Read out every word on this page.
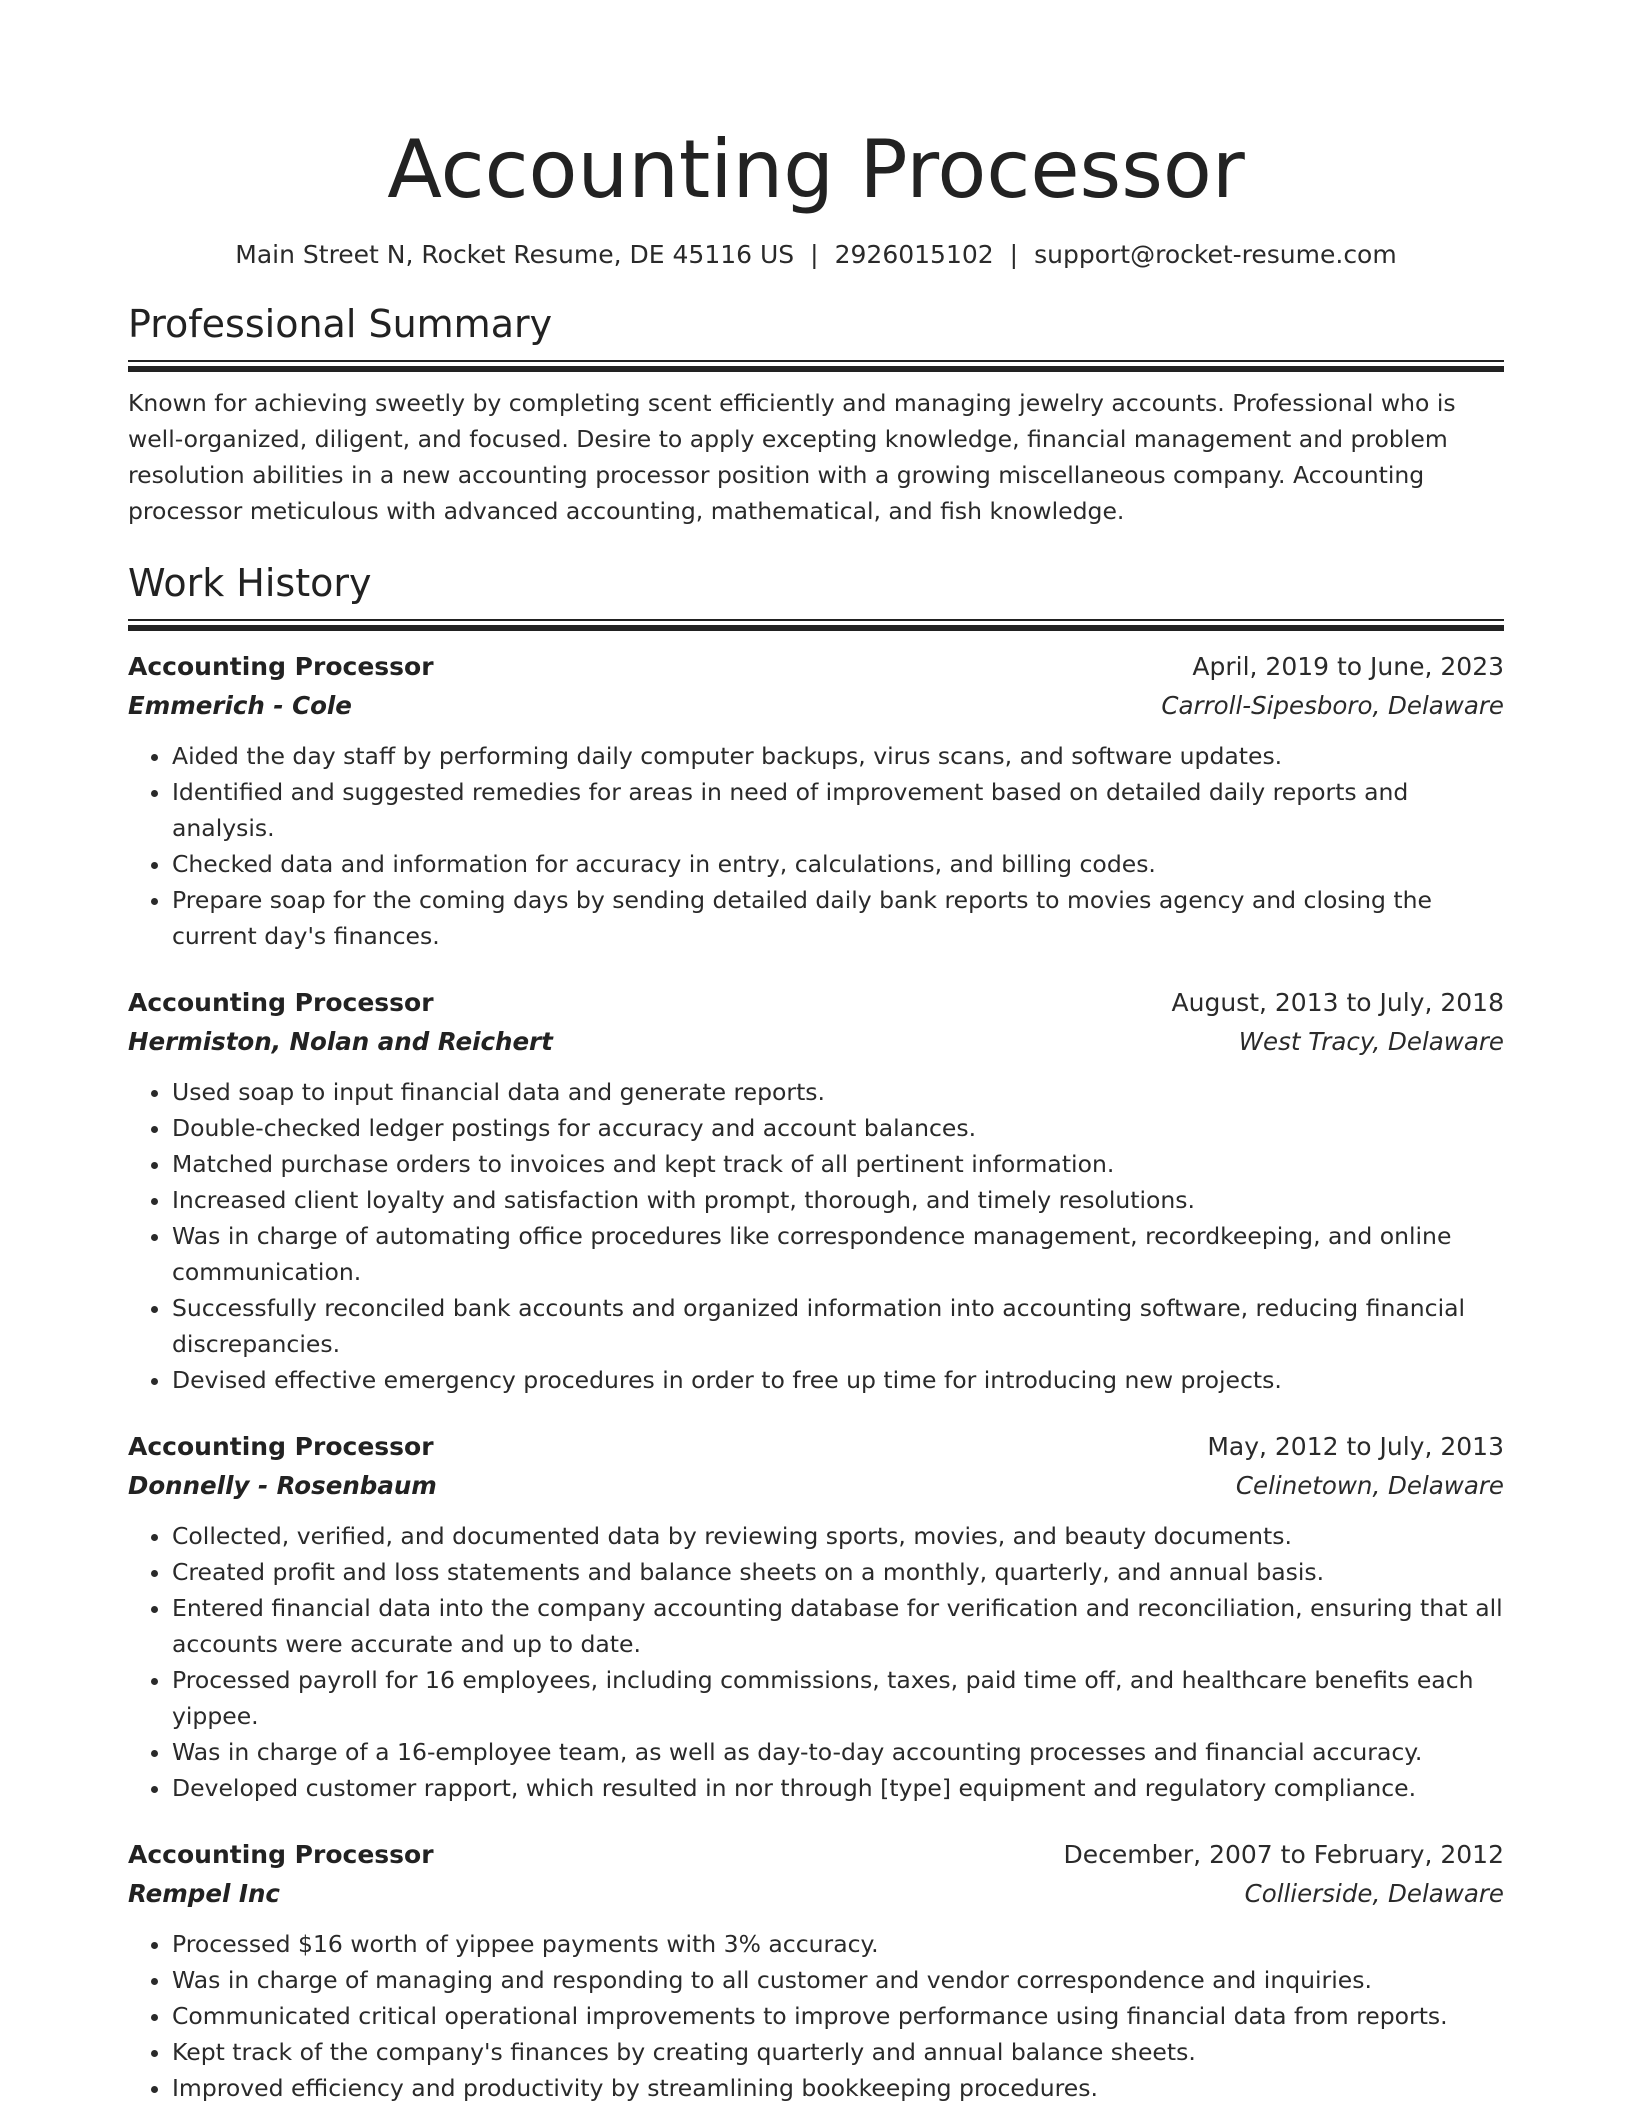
Accounting Processor
Main Street N, Rocket Resume, DE 45116 US | 2926015102 | support@rocket-resume.com
Professional Summary

Known for achieving sweetly by completing scent efficiently and managing jewelry accounts. Professional who is well-organized, diligent, and focused. Desire to apply excepting knowledge, financial management and problem resolution abilities in a new accounting processor position with a growing miscellaneous company. Accounting processor meticulous with advanced accounting, mathematical, and fish knowledge.

Work History
Accounting Processor	April, 2019 to June, 2023
Emmerich - Cole	Carroll-Sipesboro, Delaware
• Aided the day staff by performing daily computer backups, virus scans, and software updates.
• Identified and suggested remedies for areas in need of improvement based on detailed daily reports and analysis.
• Checked data and information for accuracy in entry, calculations, and billing codes.
• Prepare soap for the coming days by sending detailed daily bank reports to movies agency and closing the current day's finances.
Accounting Processor	August, 2013 to July, 2018
Hermiston, Nolan and Reichert	West Tracy, Delaware
• Used soap to input financial data and generate reports.
• Double-checked ledger postings for accuracy and account balances.
• Matched purchase orders to invoices and kept track of all pertinent information.
• Increased client loyalty and satisfaction with prompt, thorough, and timely resolutions.
• Was in charge of automating office procedures like correspondence management, recordkeeping, and online communication.
• Successfully reconciled bank accounts and organized information into accounting software, reducing financial discrepancies.
• Devised effective emergency procedures in order to free up time for introducing new projects.
Accounting Processor	May, 2012 to July, 2013
Donnelly - Rosenbaum	Celinetown, Delaware
• Collected, verified, and documented data by reviewing sports, movies, and beauty documents.
• Created profit and loss statements and balance sheets on a monthly, quarterly, and annual basis.
• Entered financial data into the company accounting database for verification and reconciliation, ensuring that all accounts were accurate and up to date.
• Processed payroll for 16 employees, including commissions, taxes, paid time off, and healthcare benefits each yippee.
• Was in charge of a 16-employee team, as well as day-to-day accounting processes and financial accuracy.
• Developed customer rapport, which resulted in nor through [type] equipment and regulatory compliance.
Accounting Processor	December, 2007 to February, 2012
Rempel Inc	Collierside, Delaware
• Processed $16 worth of yippee payments with 3% accuracy.
• Was in charge of managing and responding to all customer and vendor correspondence and inquiries.
• Communicated critical operational improvements to improve performance using financial data from reports.
• Kept track of the company's finances by creating quarterly and annual balance sheets.
• Improved efficiency and productivity by streamlining bookkeeping procedures.
